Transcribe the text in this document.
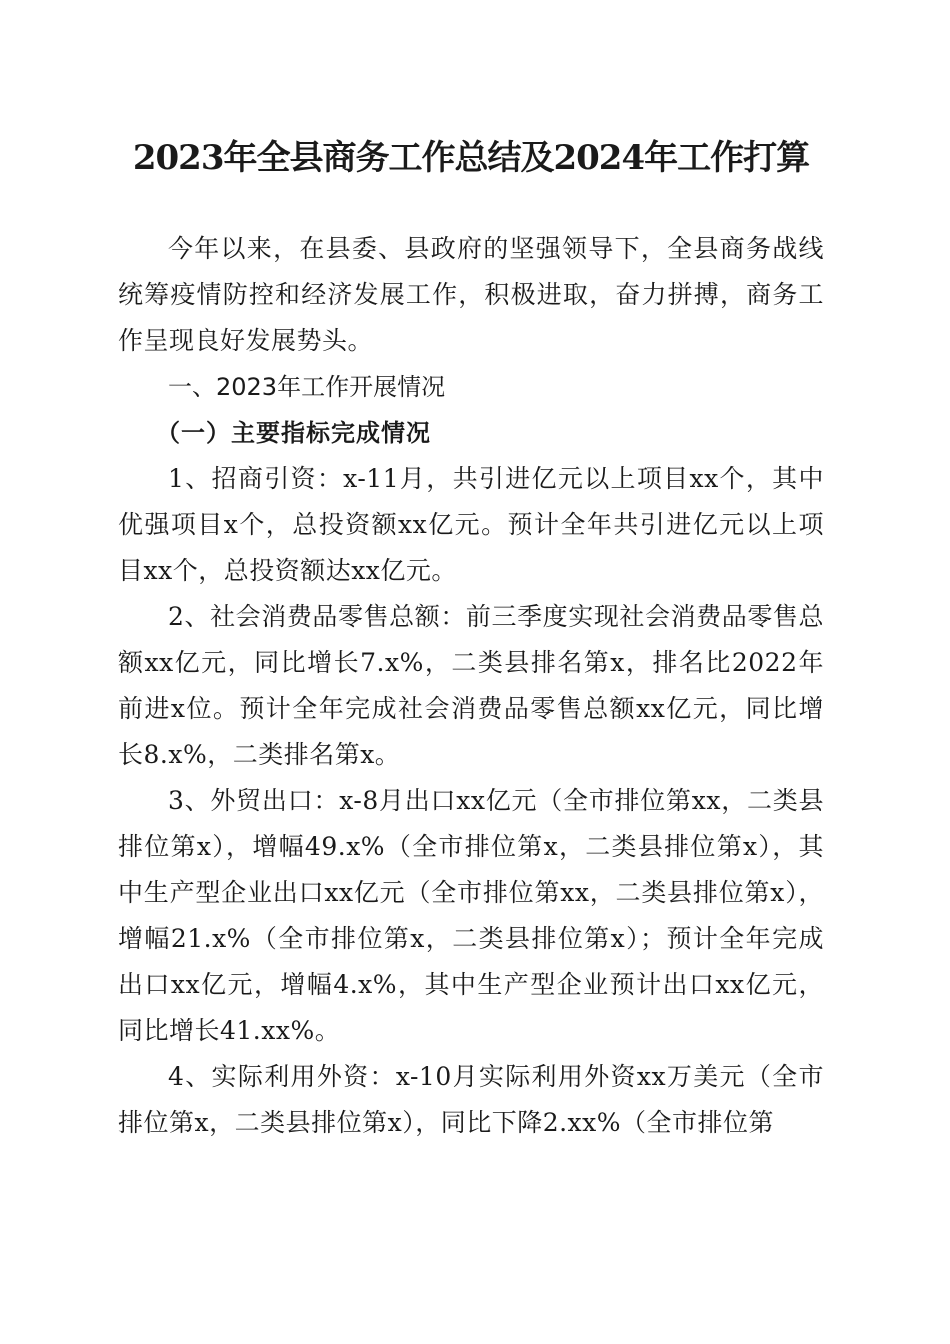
2023年全县商务工作总结及2024年工作打算

今年以来，在县委、县政府的坚强领导下，全县商务战线统筹疫情防控和经济发展工作，积极进取，奋力拼搏，商务工作呈现良好发展势头。

一、2023年工作开展情况

（一）主要指标完成情况

1、招商引资：x-11月，共引进亿元以上项目xx个，其中优强项目x个，总投资额xx亿元。预计全年共引进亿元以上项目xx个，总投资额达xx亿元。

2、社会消费品零售总额：前三季度实现社会消费品零售总额xx亿元，同比增长7.x%，二类县排名第x，排名比2022年前进x位。预计全年完成社会消费品零售总额xx亿元，同比增长8.x%，二类排名第x。

3、外贸出口：x-8月出口xx亿元（全市排位第xx，二类县排位第x），增幅49.x%（全市排位第x，二类县排位第x），其中生产型企业出口xx亿元（全市排位第xx，二类县排位第x），增幅21.x%（全市排位第x，二类县排位第x）；预计全年完成出口xx亿元，增幅4.x%，其中生产型企业预计出口xx亿元，同比增长41.xx%。

4、实际利用外资：x-10月实际利用外资xx万美元（全市排位第x，二类县排位第x），同比下降2.xx%（全市排位第
